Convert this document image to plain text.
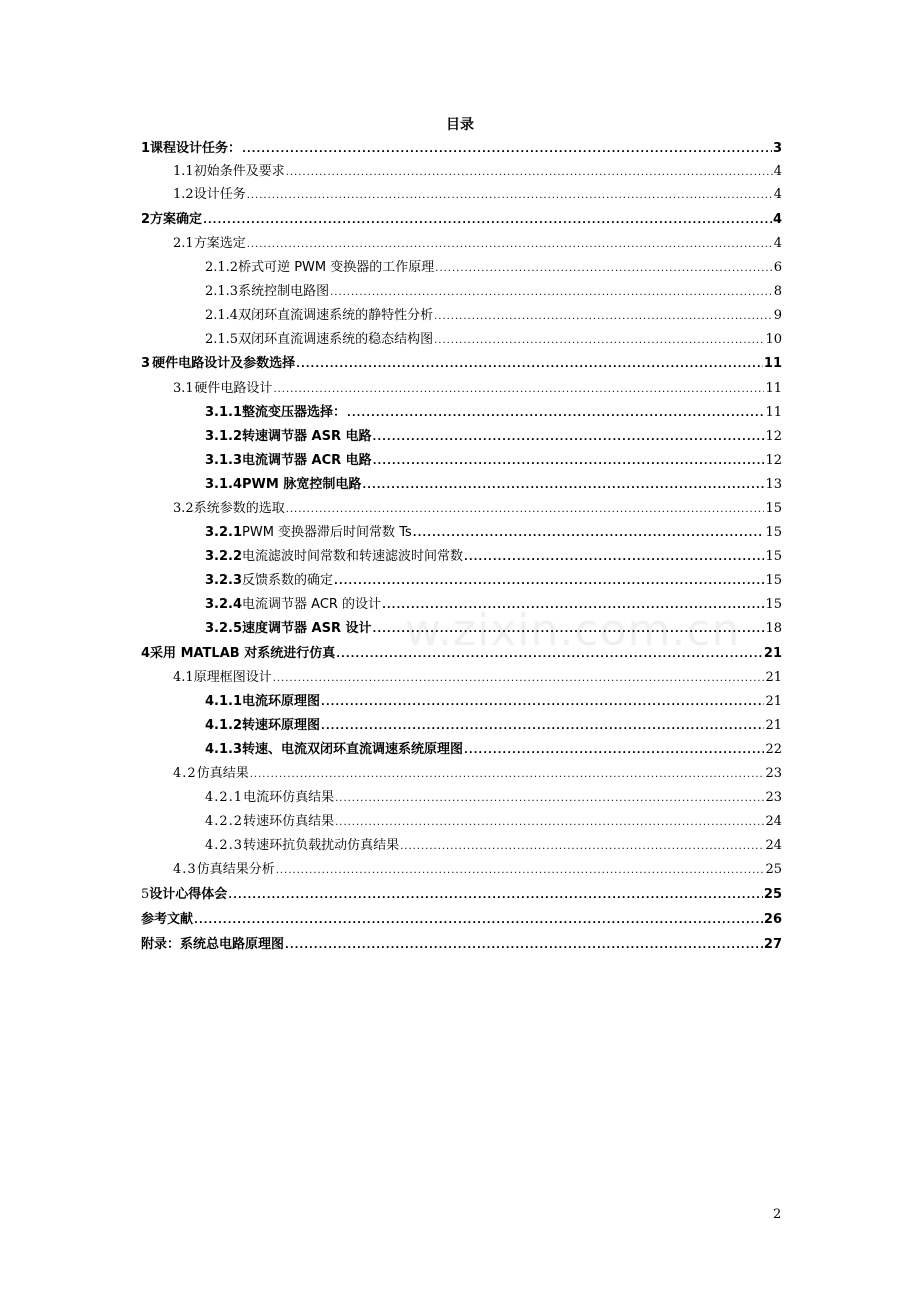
目录
1 课程设计任务： .....	3
1.1 初始条件及要求 .....	4
1.2 设计任务 .....	4
2 方案确定 .....	4
2.1 方案选定 .....	4
2.1.2 桥式可逆 PWM 变换器的工作原理 .....	6
2.1.3 系统控制电路图 .....	8
2.1.4 双闭环直流调速系统的静特性分析 .....	9
2.1.5 双闭环直流调速系统的稳态结构图 .....	10
3 硬件电路设计及参数选择 .....	11
3.1 硬件电路设计 .....	11
3.1.1 整流变压器选择： .....	11
3.1.2 转速调节器 ASR 电路 .....	12
3.1.3 电流调节器 ACR 电路 .....	12
3.1.4 PWM 脉宽控制电路 .....	13
3.2 系统参数的选取 .....	15
3.2.1 PWM 变换器滞后时间常数 Ts .....	15
3.2.2 电流滤波时间常数和转速滤波时间常数 .....	15
3.2.3 反馈系数的确定 .....	15
3.2.4 电流调节器 ACR 的设计 .....	15
3.2.5 速度调节器 ASR 设计 .....	18
4 采用 MATLAB 对系统进行仿真 .....	21
4.1 原理框图设计 .....	21
4.1.1 电流环原理图 .....	21
4.1.2 转速环原理图 .....	21
4.1.3 转速、电流双闭环直流调速系统原理图 .....	22
4.2 仿真结果 .....	23
4.2.1 电流环仿真结果 .....	23
4.2.2 转速环仿真结果 .....	24
4.2.3 转速环抗负载扰动仿真结果 .....	24
4.3 仿真结果分析 .....	25
5 设计心得体会 .....	25
参考文献 .....	26
附录：系统总电路原理图 .....	27
w.zixin.com.cn
2
